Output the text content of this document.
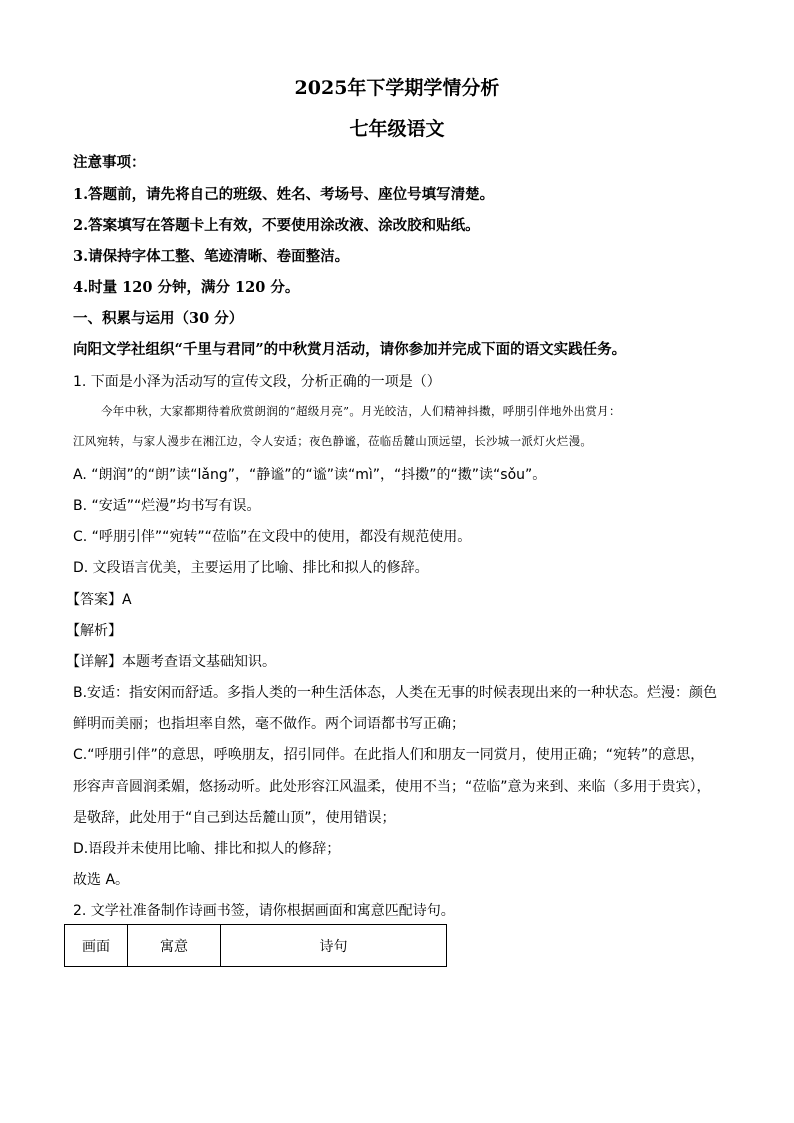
2025年下学期学情分析
七年级语文
注意事项：
1.答题前，请先将自己的班级、姓名、考场号、座位号填写清楚。
2.答案填写在答题卡上有效，不要使用涂改液、涂改胶和贴纸。
3.请保持字体工整、笔迹清晰、卷面整洁。
4.时量 120 分钟，满分 120 分。
一、积累与运用（30 分）
向阳文学社组织“千里与君同”的中秋赏月活动，请你参加并完成下面的语文实践任务。
1. 下面是小泽为活动写的宣传文段，分析正确的一项是（）
今年中秋，大家都期待着欣赏朗润的“超级月亮”。月光皎洁，人们精神抖擞，呼朋引伴地外出赏月：
江风宛转，与家人漫步在湘江边，令人安适；夜色静谧，莅临岳麓山顶远望，长沙城一派灯火烂漫。
A. “朗润”的“朗”读“lǎng”，“静谧”的“谧”读“mì”，“抖擞”的“擞”读“sǒu”。
B. “安适”“烂漫”均书写有误。
C. “呼朋引伴”“宛转”“莅临”在文段中的使用，都没有规范使用。
D. 文段语言优美，主要运用了比喻、排比和拟人的修辞。
【答案】A
【解析】
【详解】本题考查语文基础知识。
B.安适：指安闲而舒适。多指人类的一种生活体态，人类在无事的时候表现出来的一种状态。烂漫：颜色
鲜明而美丽；也指坦率自然，毫不做作。两个词语都书写正确；
C.“呼朋引伴”的意思，呼唤朋友，招引同伴。在此指人们和朋友一同赏月，使用正确；“宛转”的意思，
形容声音圆润柔媚，悠扬动听。此处形容江风温柔，使用不当；“莅临”意为来到、来临（多用于贵宾），
是敬辞，此处用于“自己到达岳麓山顶”，使用错误；
D.语段并未使用比喻、排比和拟人的修辞；
故选 A。
2. 文学社准备制作诗画书签，请你根据画面和寓意匹配诗句。
画面	寓意	诗句
